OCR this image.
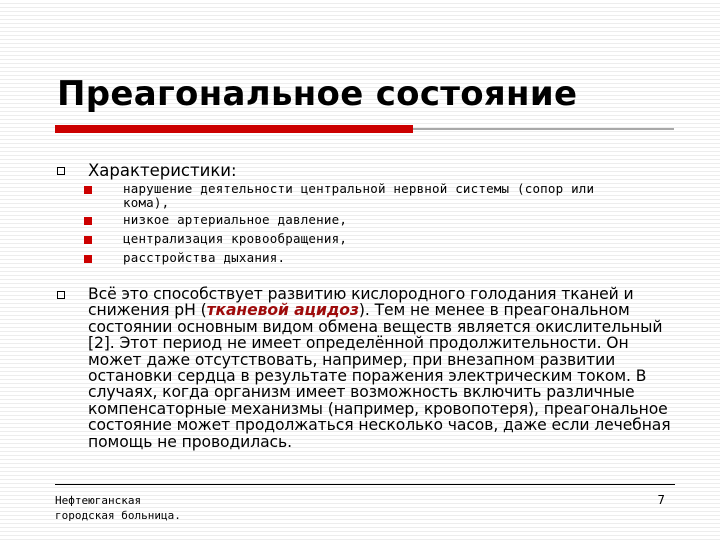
Преагональное состояние
Характеристики:
нарушение деятельности центральной нервной системы (сопор или кома),
низкое артериальное давление,
централизация кровообращения,
расстройства дыхания.

Всё это способствует развитию кислородного голодания тканей и снижения pH (тканевой ацидоз). Тем не менее в преагональном состоянии основным видом обмена веществ является окислительный [2]. Этот период не имеет определённой продолжительности. Он может даже отсутствовать, например, при внезапном развитии остановки сердца в результате поражения электрическим током. В случаях, когда организм имеет возможность включить различные компенсаторные механизмы (например, кровопотеря), преагональное состояние может продолжаться несколько часов, даже если лечебная помощь не проводилась.

Нефтеюганская
городская больница.
7
